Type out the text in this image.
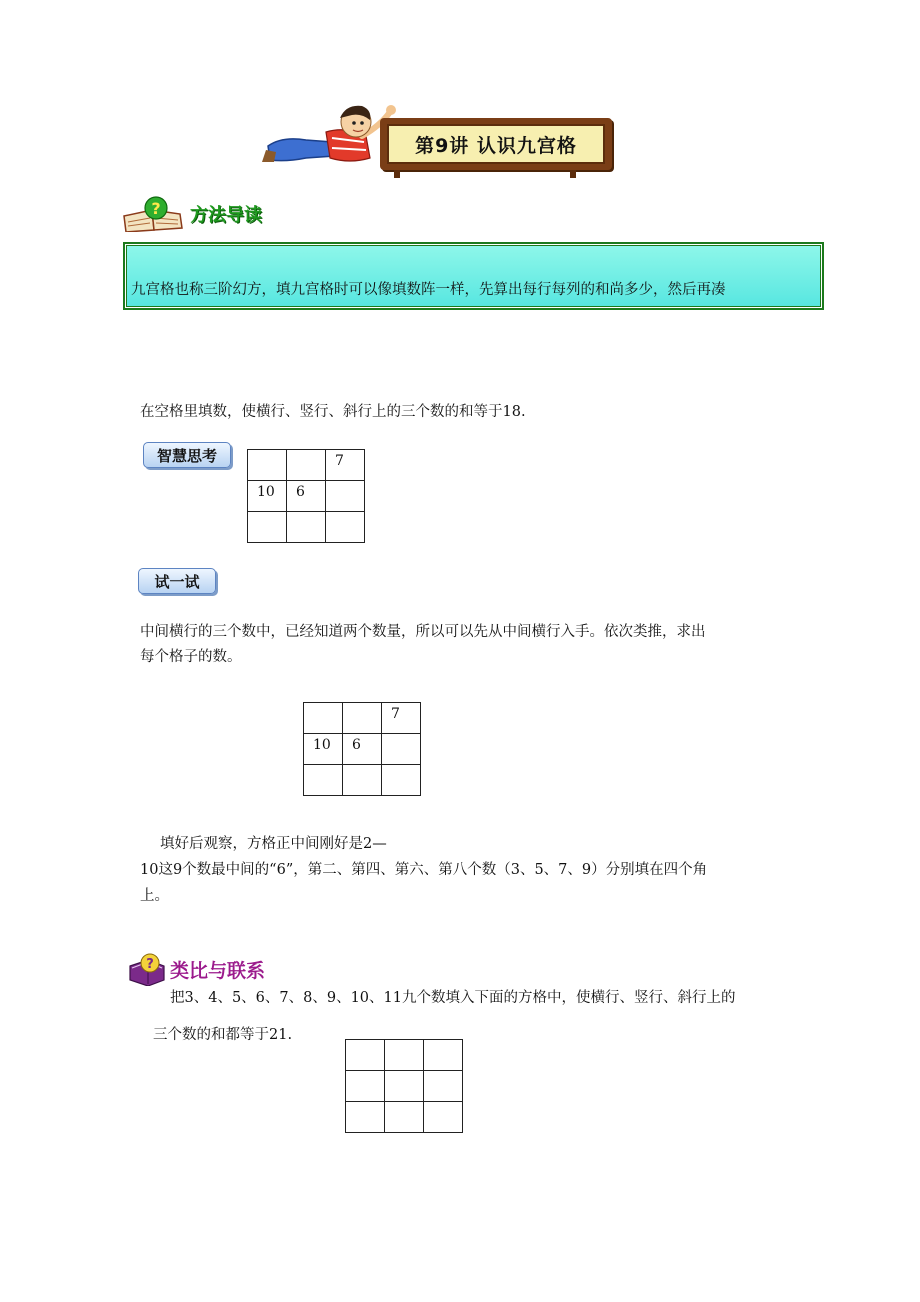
第9讲 认识九宫格
? 方法导读
九宫格也称三阶幻方，填九宫格时可以像填数阵一样，先算出每行每列的和尚多少，然后再凑
在空格里填数，使横行、竖行、斜行上的三个数的和等于18.
智慧思考

		7

10	6	

试一试
中间横行的三个数中，已经知道两个数量，所以可以先从中间横行入手。依次类推，求出
每个格子的数。

		7

10	6	

填好后观察，方格正中间刚好是2—
10这9个数最中间的“6”，第二、第四、第六、第八个数（3、5、7、9）分别填在四个角
上。
? 类比与联系
把3、4、5、6、7、8、9、10、11九个数填入下面的方格中，使横行、竖行、斜行上的
三个数的和都等于21.
